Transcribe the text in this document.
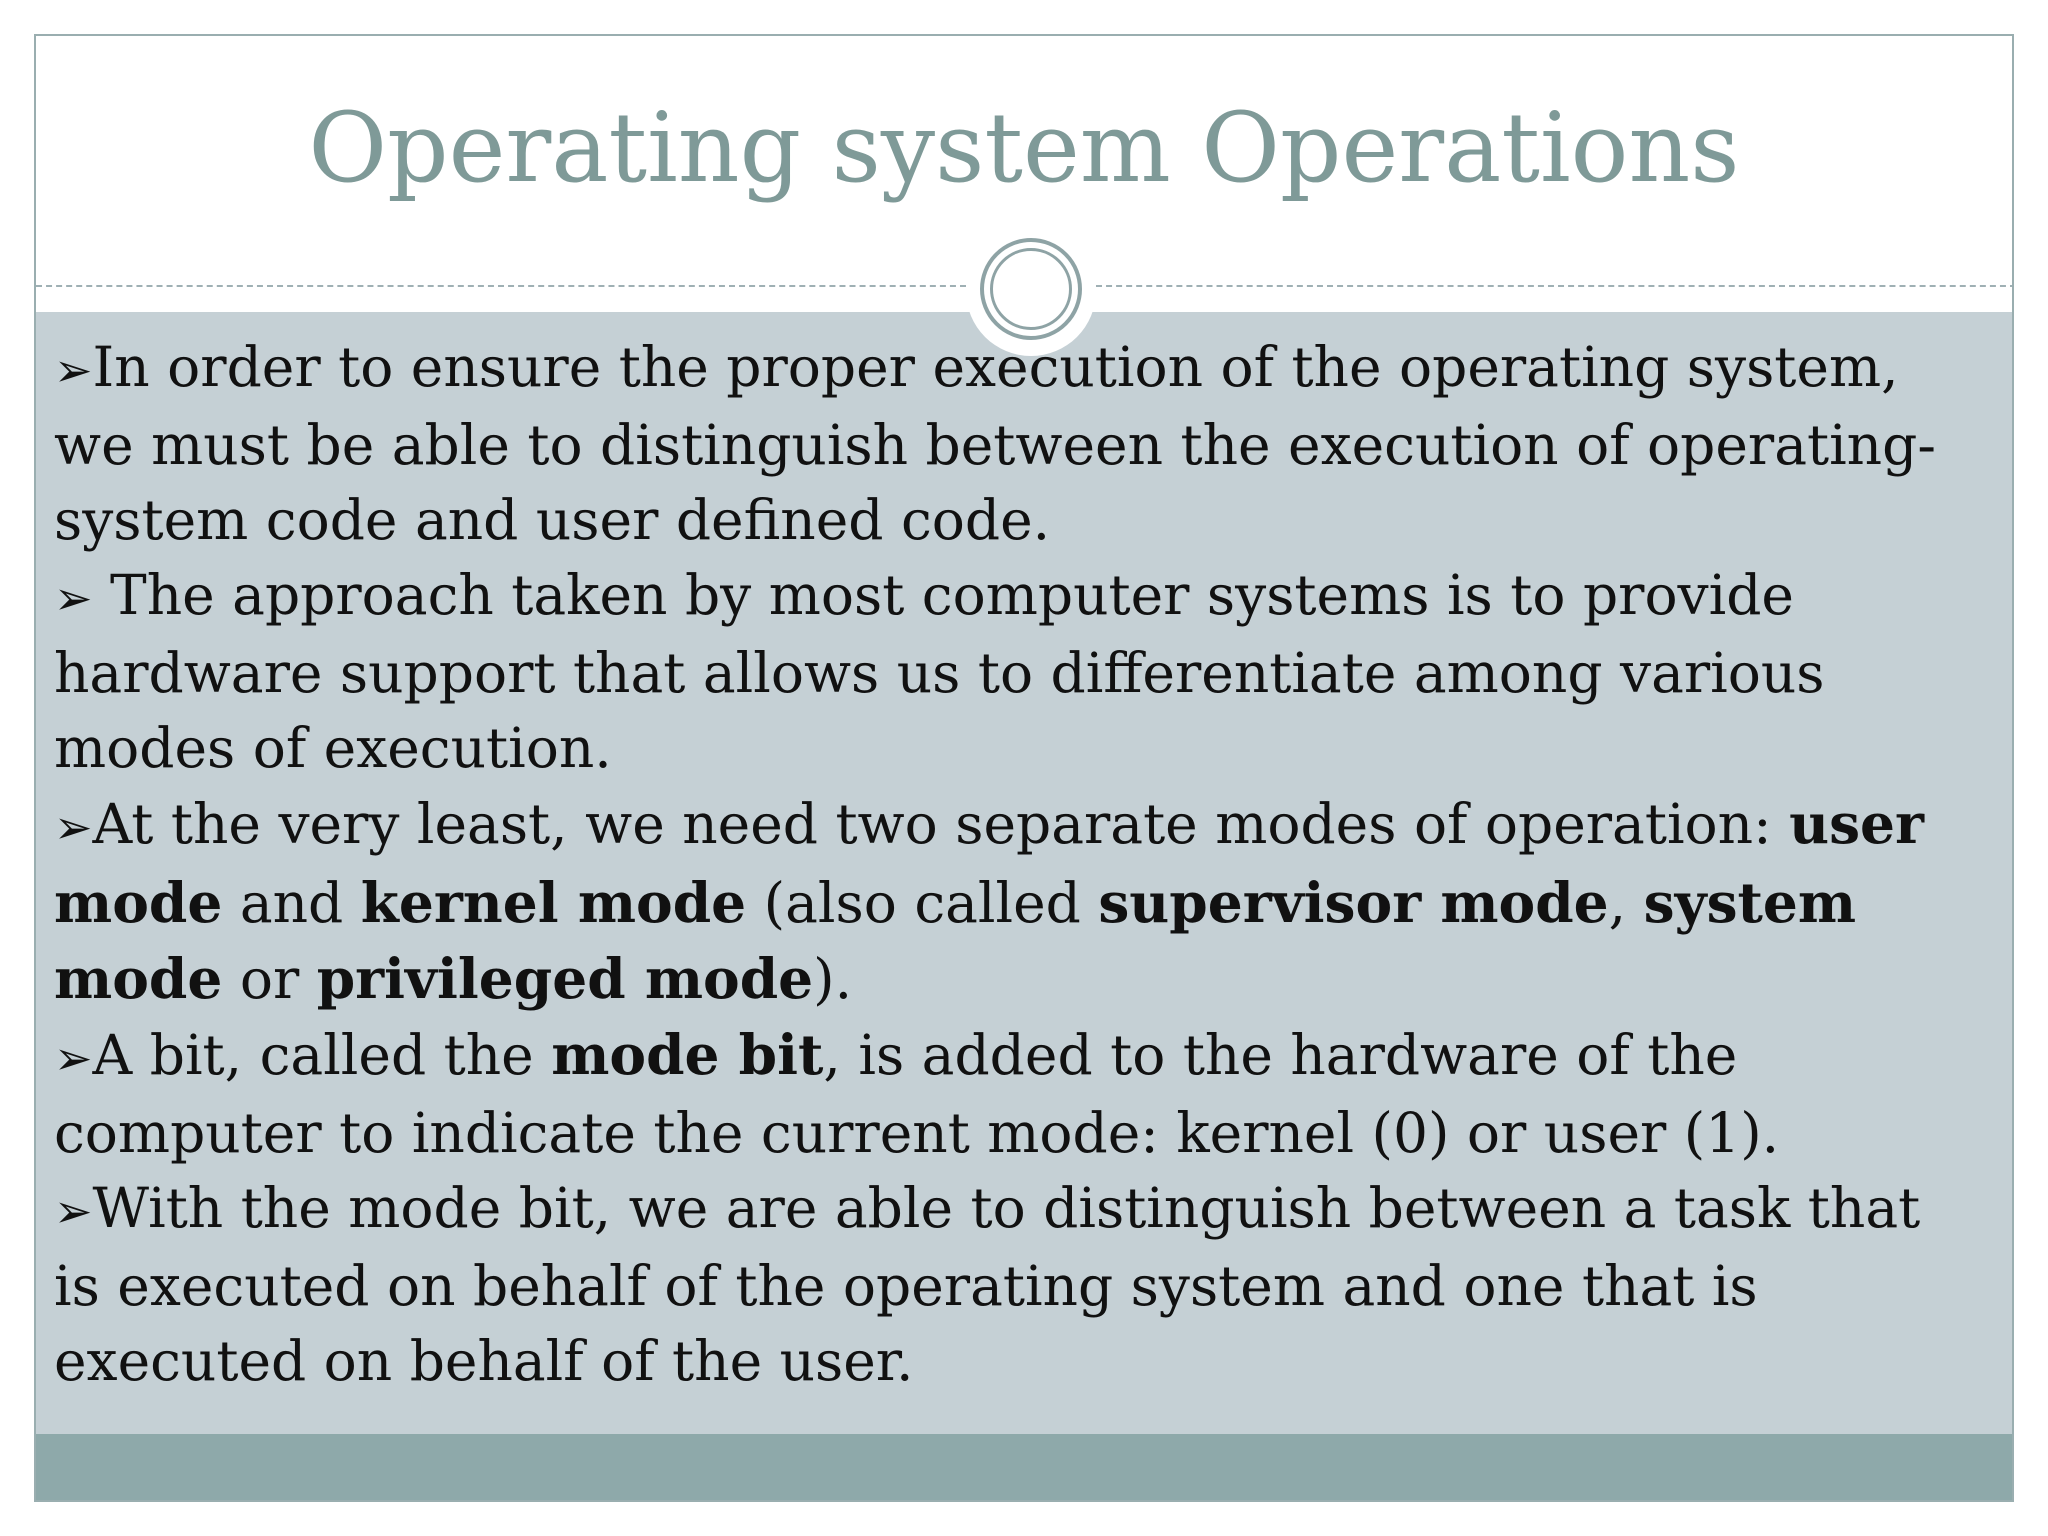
Operating system Operations

➢In order to ensure the proper execution of the operating system, we must be able to distinguish between the execution of operating-system code and user defined code.

➢ The approach taken by most computer systems is to provide hardware support that allows us to differentiate among various modes of execution.

➢At the very least, we need two separate modes of operation: user mode and kernel mode (also called supervisor mode, system mode or privileged mode).

➢A bit, called the mode bit, is added to the hardware of the computer to indicate the current mode: kernel (0) or user (1).

➢With the mode bit, we are able to distinguish between a task that is executed on behalf of the operating system and one that is executed on behalf of the user.
